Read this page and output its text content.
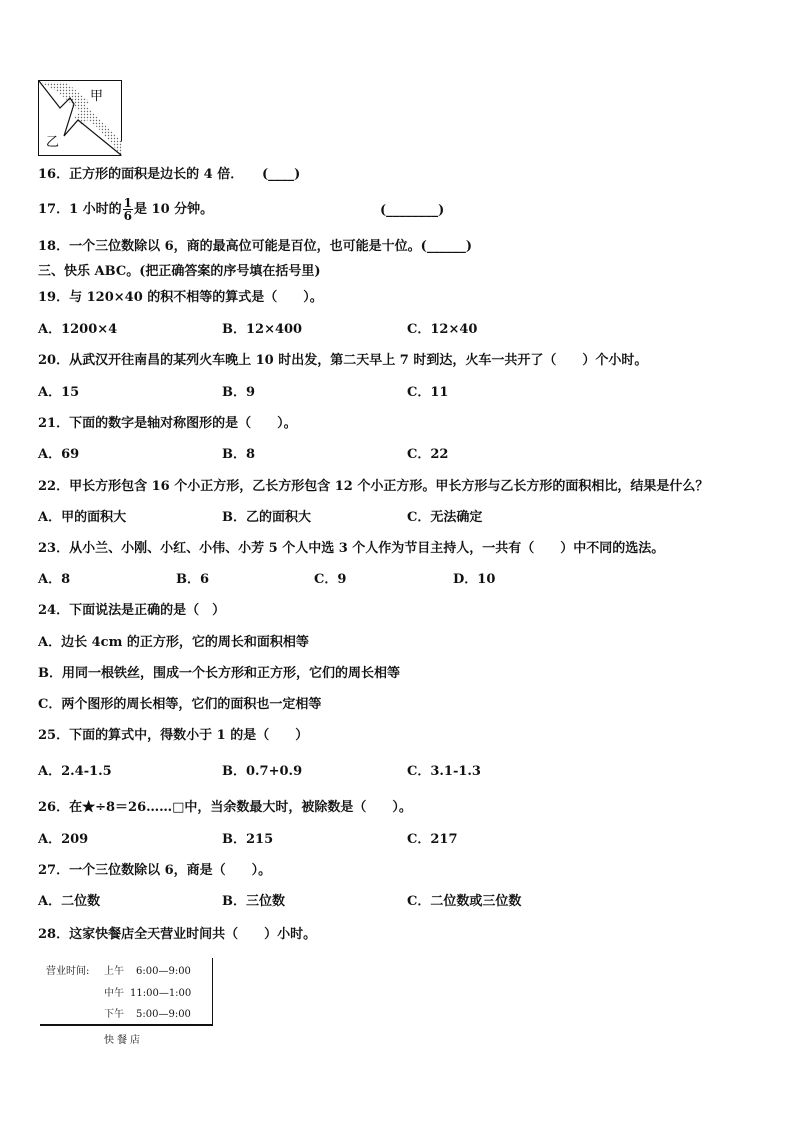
甲
乙
16．正方形的面积是边长的 4 倍． (____)
17．1 小时的 $\frac{1}{6}$ 是 10 分钟。	(________)
18．一个三位数除以 6，商的最高位可能是百位，也可能是十位。(______)
三、快乐 ABC。(把正确答案的序号填在括号里)
19．与 120×40 的积不相等的算式是（　　）。
A．1200×4	B．12×400	C．12×40
20．从武汉开往南昌的某列火车晚上 10 时出发，第二天早上 7 时到达，火车一共开了（　　）个小时。
A．15	B．9	C．11
21．下面的数字是轴对称图形的是（　　）。
A．69	B．8	C．22
22．甲长方形包含 16 个小正方形，乙长方形包含 12 个小正方形。甲长方形与乙长方形的面积相比，结果是什么？
A．甲的面积大	B．乙的面积大	C．无法确定
23．从小兰、小刚、小红、小伟、小芳 5 个人中选 3 个人作为节目主持人，一共有（　　）中不同的选法。
A．8	B．6	C．9	D．10
24．下面说法是正确的是（　）
A．边长 4cm 的正方形，它的周长和面积相等
B．用同一根铁丝，围成一个长方形和正方形，它们的周长相等
C．两个图形的周长相等，它们的面积也一定相等
25．下面的算式中，得数小于 1 的是（　　）
A．2.4-1.5	B．0.7+0.9	C．3.1-1.3
26．在★÷8＝26……□中，当余数最大时，被除数是（　　）。
A．209	B．215	C．217
27．一个三位数除以 6，商是（　　）。
A．二位数	B．三位数	C．二位数或三位数
28．这家快餐店全天营业时间共（　　）小时。
营业时间: 上午 6:00—9:00
中午 11:00—1:00
下午 5:00—9:00
快餐店
